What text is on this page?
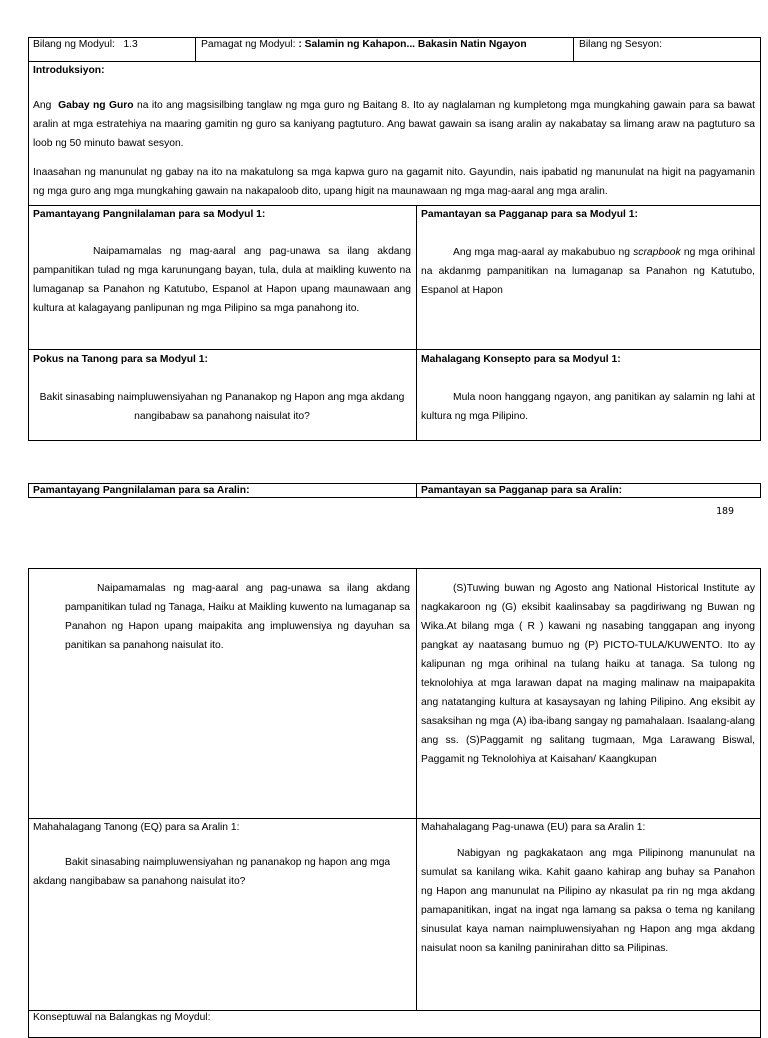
Bilang ng Modyul: 1.3	Pamagat ng Modyul: : Salamin ng Kahapon... Bakasin Natin Ngayon	Bilang ng Sesyon:
Introduksiyon:
Ang Gabay ng Guro na ito ang magsisilbing tanglaw ng mga guro ng Baitang 8. Ito ay naglalaman ng kumpletong mga mungkahing gawain para sa bawat aralin at mga estratehiya na maaring gamitin ng guro sa kaniyang pagtuturo. Ang bawat gawain sa isang aralin ay nakabatay sa limang araw na pagtuturo sa loob ng 50 minuto bawat sesyon.
Inaasahan ng manunulat ng gabay na ito na makatulong sa mga kapwa guro na gagamit nito. Gayundin, nais ipabatid ng manunulat na higit na pagyamanin ng mga guro ang mga mungkahing gawain na nakapaloob dito, upang higit na maunawaan ng mga mag-aaral ang mga aralin.
Pamantayang Pangnilalaman para sa Modyul 1:
Naipamamalas ng mag-aaral ang pag-unawa sa ilang akdang pampanitikan tulad ng mga karunungang bayan, tula, dula at maikling kuwento na lumaganap sa Panahon ng Katutubo, Espanol at Hapon upang maunawaan ang kultura at kalagayang panlipunan ng mga Pilipino sa mga panahong ito.
Pamantayan sa Pagganap para sa Modyul 1:
Ang mga mag-aaral ay makabubuo ng scrapbook ng mga orihinal na akdanmg pampanitikan na lumaganap sa Panahon ng Katutubo, Espanol at Hapon
Pokus na Tanong para sa Modyul 1:
Bakit sinasabing naimpluwensiyahan ng Pananakop ng Hapon ang mga akdang nangibabaw sa panahong naisulat ito?
Mahalagang Konsepto para sa Modyul 1:
Mula noon hanggang ngayon, ang panitikan ay salamin ng lahi at kultura ng mga Pilipino.
Pamantayang Pangnilalaman para sa Aralin:	Pamantayan sa Pagganap para sa Aralin:
189
Naipamamalas ng mag-aaral ang pag-unawa sa ilang akdang pampanitikan tulad ng Tanaga, Haiku at Maikling kuwento na lumaganap sa Panahon ng Hapon upang maipakita ang impluwensiya ng dayuhan sa panitikan sa panahong naisulat ito.
(S)Tuwing buwan ng Agosto ang National Historical Institute ay nagkakaroon ng (G) eksibit kaalinsabay sa pagdiriwang ng Buwan ng Wika.At bilang mga ( R ) kawani ng nasabing tanggapan ang inyong pangkat ay naatasang bumuo ng (P) PICTO-TULA/KUWENTO. Ito ay kalipunan ng mga orihinal na tulang haiku at tanaga. Sa tulong ng teknolohiya at mga larawan dapat na maging malinaw na maipapakita ang natatanging kultura at kasaysayan ng lahing Pilipino. Ang eksibit ay sasaksihan ng mga (A) iba-ibang sangay ng pamahalaan. Isaalang-alang ang ss. (S)Paggamit ng salitang tugmaan, Mga Larawang Biswal, Paggamit ng Teknolohiya at Kaisahan/ Kaangkupan
Mahahalagang Tanong (EQ) para sa Aralin 1:
Bakit sinasabing naimpluwensiyahan ng pananakop ng hapon ang mga akdang nangibabaw sa panahong naisulat ito?
Mahahalagang Pag-unawa (EU) para sa Aralin 1:
Nabigyan ng pagkakataon ang mga Pilipinong manunulat na sumulat sa kanilang wika. Kahit gaano kahirap ang buhay sa Panahon ng Hapon ang manunulat na Pilipino ay nkasulat pa rin ng mga akdang pamapanitikan, ingat na ingat nga lamang sa paksa o tema ng kanilang sinusulat kaya naman naimpluwensiyahan ng Hapon ang mga akdang naisulat noon sa kanilng paninirahan ditto sa Pilipinas.
Konseptuwal na Balangkas ng Moydul:
